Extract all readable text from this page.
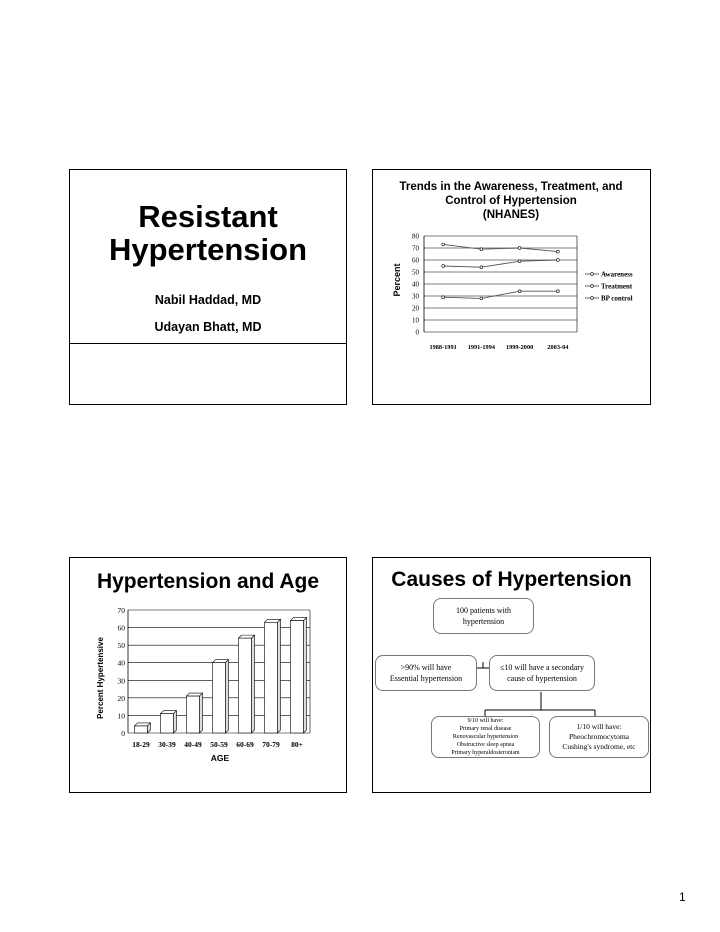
Resistant
Hypertension
Nabil Haddad, MD
Udayan Bhatt, MD
Trends in the Awareness, Treatment, and
Control of Hypertension
(NHANES)
Percent
0
10
20
30
40
50
60
70
80
1988-1991 1991-1994 1999-2000 2003-04
Awareness
Treatment
BP control
Hypertension and Age
Percent Hypertensive
0
10
20
30
40
50
60
70
18-29 30-39 40-49 50-59 60-69 70-79 80+
AGE
Causes of Hypertension
100 patients with
hypertension
>90% will have
Essential hypertension
≤10 will have a secondary
cause of hypertension
9/10 will have:
Primary renal disease
Renovascular hypertension
Obstructive sleep apnea
Primary hyperaldosteronism
1/10 will have:
Pheochromocytoma
Cushing's syndrome, etc
1
